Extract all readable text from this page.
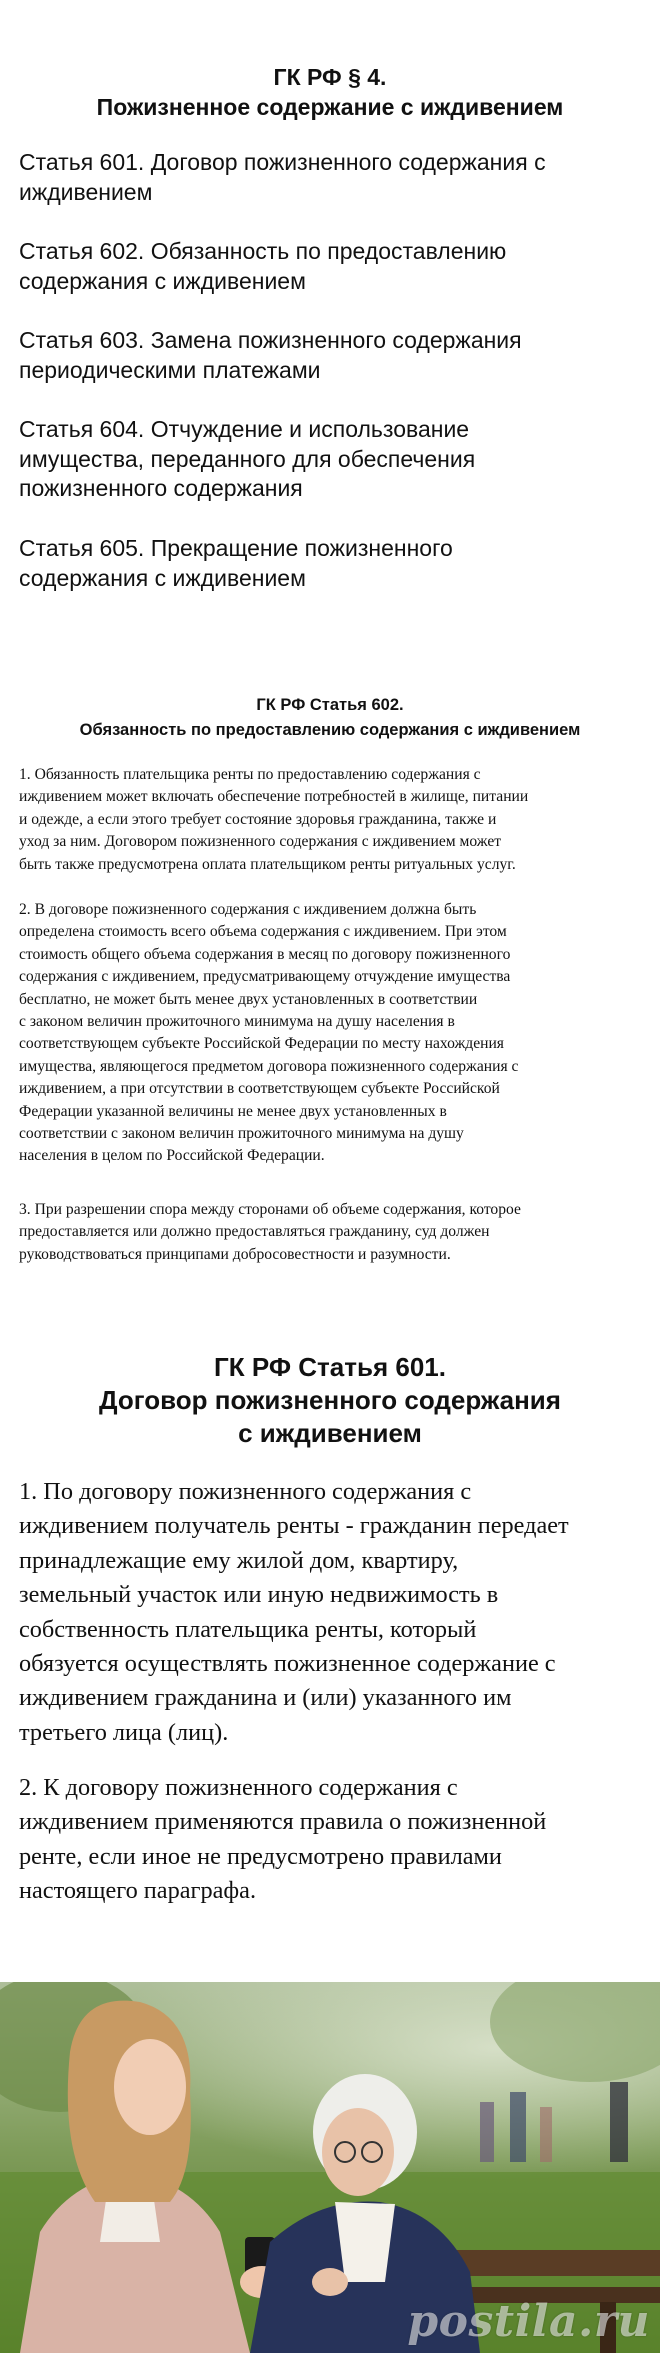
ГК РФ § 4.
Пожизненное содержание с иждивением
Статья 601. Договор пожизненного содержания с
иждивением
Статья 602. Обязанность по предоставлению
содержания с иждивением
Статья 603. Замена пожизненного содержания
периодическими платежами
Статья 604. Отчуждение и использование
имущества, переданного для обеспечения
пожизненного содержания
Статья 605. Прекращение пожизненного
содержания с иждивением
ГК РФ Статья 602.
Обязанность по предоставлению содержания с иждивением
1. Обязанность плательщика ренты по предоставлению содержания с
иждивением может включать обеспечение потребностей в жилище, питании
и одежде, а если этого требует состояние здоровья гражданина, также и
уход за ним. Договором пожизненного содержания с иждивением может
быть также предусмотрена оплата плательщиком ренты ритуальных услуг.
2. В договоре пожизненного содержания с иждивением должна быть
определена стоимость всего объема содержания с иждивением. При этом
стоимость общего объема содержания в месяц по договору пожизненного
содержания с иждивением, предусматривающему отчуждение имущества
бесплатно, не может быть менее двух установленных в соответствии
с законом величин прожиточного минимума на душу населения в
соответствующем субъекте Российской Федерации по месту нахождения
имущества, являющегося предметом договора пожизненного содержания с
иждивением, а при отсутствии в соответствующем субъекте Российской
Федерации указанной величины не менее двух установленных в
соответствии с законом величин прожиточного минимума на душу
населения в целом по Российской Федерации.
3. При разрешении спора между сторонами об объеме содержания, которое
предоставляется или должно предоставляться гражданину, суд должен
руководствоваться принципами добросовестности и разумности.
ГК РФ Статья 601.
Договор пожизненного содержания
с иждивением
1. По договору пожизненного содержания с
иждивением получатель ренты - гражданин передает
принадлежащие ему жилой дом, квартиру,
земельный участок или иную недвижимость в
собственность плательщика ренты, который
обязуется осуществлять пожизненное содержание с
иждивением гражданина и (или) указанного им
третьего лица (лиц).
2. К договору пожизненного содержания с
иждивением применяются правила о пожизненной
ренте, если иное не предусмотрено правилами
настоящего параграфа.
postila.ru
